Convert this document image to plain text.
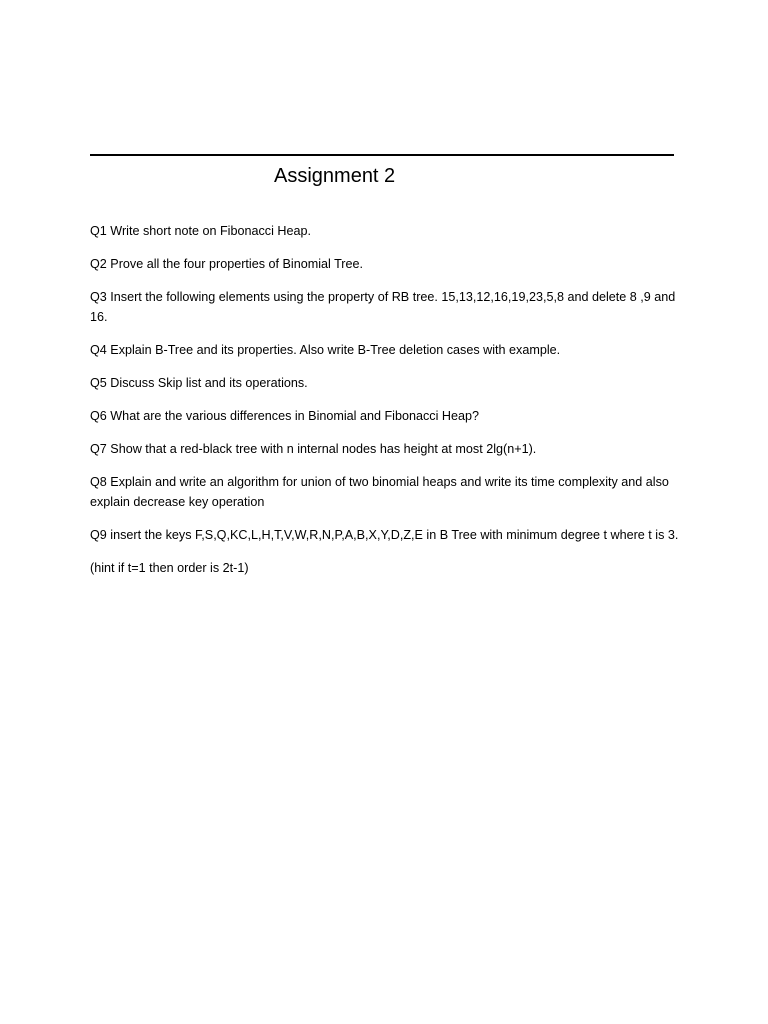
Assignment 2

Q1 Write short note on Fibonacci Heap.

Q2 Prove all the four properties of Binomial Tree.

Q3 Insert the following elements using the property of RB tree. 15,13,12,16,19,23,5,8 and delete 8 ,9 and 16.

Q4 Explain B-Tree and its properties. Also write B-Tree deletion cases with example.

Q5 Discuss Skip list and its operations.

Q6 What are the various differences in Binomial and Fibonacci Heap?

Q7 Show that a red-black tree with n internal nodes has height at most 2lg(n+1).

Q8 Explain and write an algorithm for union of two binomial heaps and write its time complexity and also explain decrease key operation

Q9 insert the keys F,S,Q,KC,L,H,T,V,W,R,N,P,A,B,X,Y,D,Z,E in B Tree with minimum degree t where t is 3.

(hint if t=1 then order is 2t-1)
